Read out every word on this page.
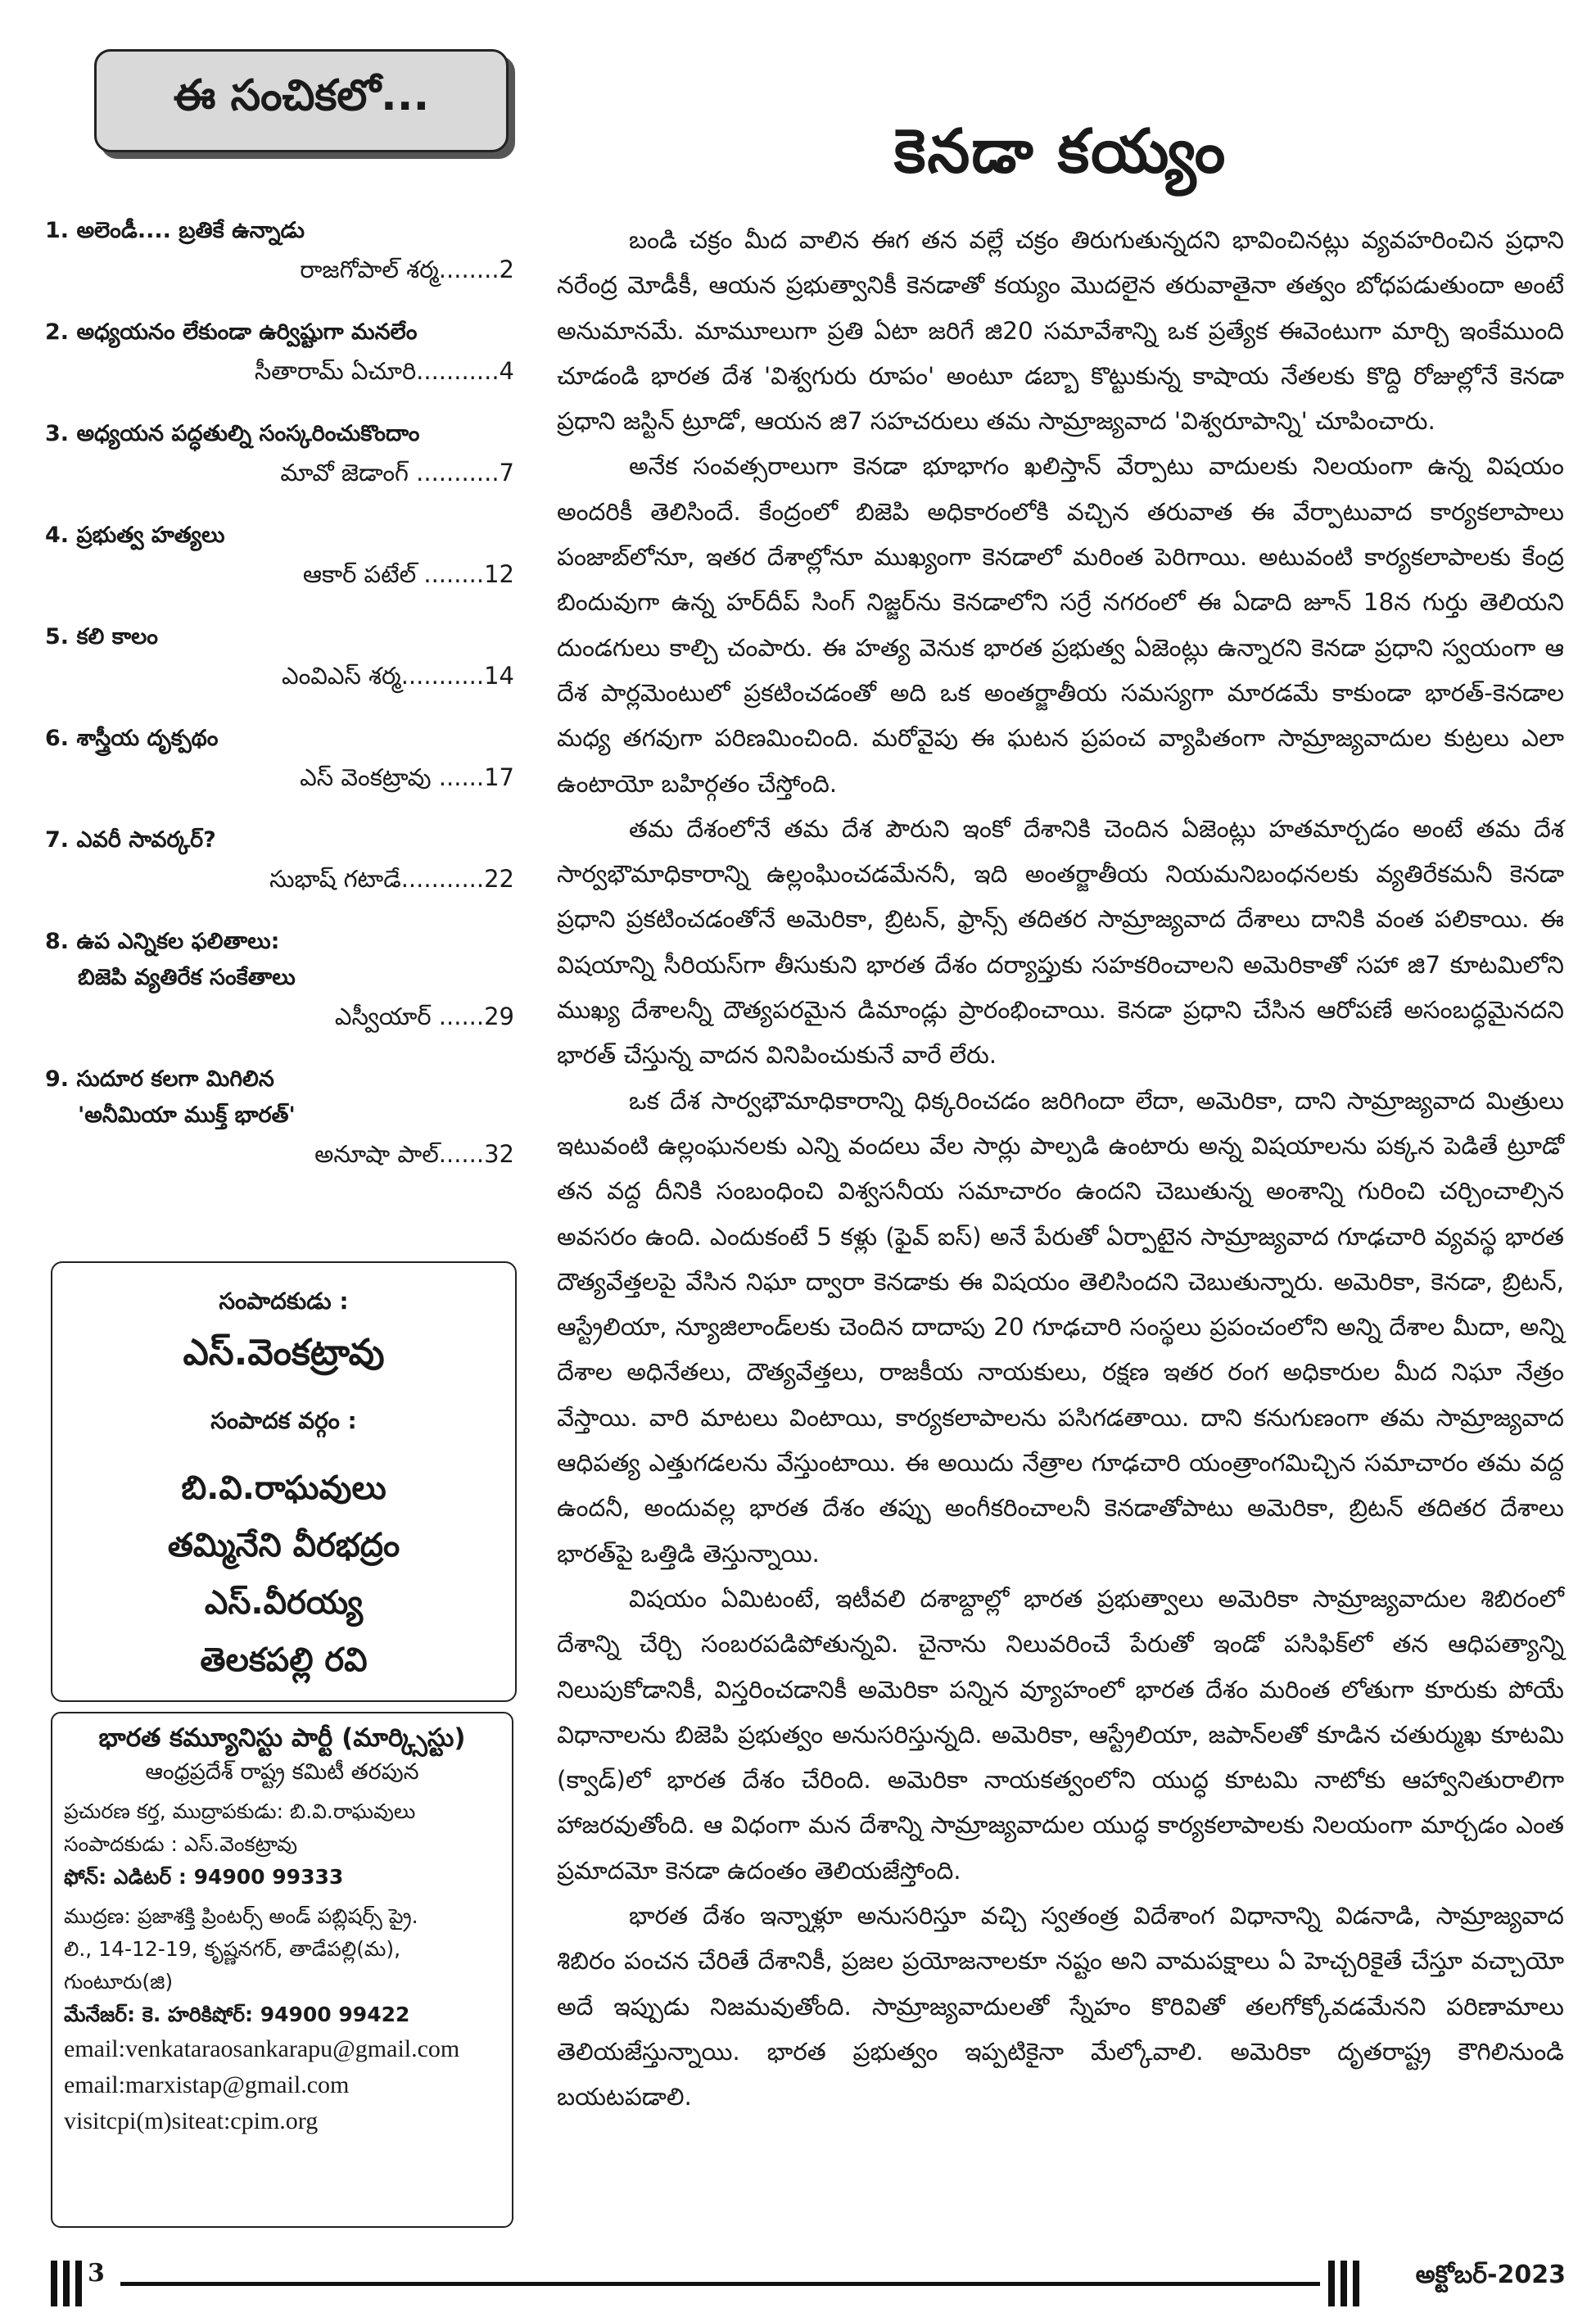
ఈ సంచికలో...
1. అలెండీ.... బ్రతికే ఉన్నాడు
రాజగోపాల్ శర్మ........2
2. అధ్యయనం లేకుండా ఉర్విష్టుగా మనలేం
సీతారామ్ ఏచూరి...........4
3. అధ్యయన పద్ధతుల్ని సంస్కరించుకొందాం
మావో జెడాంగ్ ...........7
4. ప్రభుత్వ హత్యలు
ఆకార్ పటేల్ ........12
5. కలి కాలం
ఎంవిఎస్ శర్మ...........14
6. శాస్త్రీయ దృక్పథం
ఎస్ వెంకట్రావు ......17
7. ఎవరీ సావర్కర్?
సుభాష్ గటాడే...........22
8. ఉప ఎన్నికల ఫలితాలు:
బిజెపి వ్యతిరేక సంకేతాలు
ఎస్వీయార్ ......29
9. సుదూర కలగా మిగిలిన
'అనీమియా ముక్త్ భారత్'
అనూషా పాల్......32
సంపాదకుడు :
ఎస్.వెంకట్రావు
సంపాదక వర్గం :
బి.వి.రాఘవులు
తమ్మినేని వీరభద్రం
ఎస్.వీరయ్య
తెలకపల్లి రవి
భారత కమ్యూనిస్టు పార్టీ (మార్క్సిస్టు)
ఆంధ్రప్రదేశ్ రాష్ట్ర కమిటీ తరపున
ప్రచురణ కర్త, ముద్రాపకుడు: బి.వి.రాఘవులు
సంపాదకుడు : ఎస్.వెంకట్రావు
ఫోన్: ఎడిటర్ : 94900 99333
ముద్రణ: ప్రజాశక్తి ప్రింటర్స్ అండ్ పబ్లిషర్స్ ప్రై.
లి., 14-12-19, కృష్ణనగర్, తాడేపల్లి(మ),
గుంటూరు(జి)
మేనేజర్: కె. హరికిషోర్: 94900 99422
email:venkataraosankarapu@gmail.com
email:marxistap@gmail.com
visitcpi(m)siteat:cpim.org
కెనడా కయ్యం

బండి చక్రం మీద వాలిన ఈగ తన వల్లే చక్రం తిరుగుతున్నదని భావించినట్లు వ్యవహరించిన ప్రధాని నరేంద్ర మోడీకీ, ఆయన ప్రభుత్వానికీ కెనడాతో కయ్యం మొదలైన తరువాతైనా తత్వం బోధపడుతుందా అంటే అనుమానమే. మామూలుగా ప్రతి ఏటా జరిగే జి20 సమావేశాన్ని ఒక ప్రత్యేక ఈవెంటుగా మార్చి ఇంకేముంది చూడండి భారత దేశ 'విశ్వగురు రూపం' అంటూ డబ్బా కొట్టుకున్న కాషాయ నేతలకు కొద్ది రోజుల్లోనే కెనడా ప్రధాని జస్టిన్ ట్రూడో, ఆయన జి7 సహచరులు తమ సామ్రాజ్యవాద 'విశ్వరూపాన్ని' చూపించారు.

అనేక సంవత్సరాలుగా కెనడా భూభాగం ఖలిస్తాన్ వేర్పాటు వాదులకు నిలయంగా ఉన్న విషయం అందరికీ తెలిసిందే. కేంద్రంలో బిజెపి అధికారంలోకి వచ్చిన తరువాత ఈ వేర్పాటువాద కార్యకలాపాలు పంజాబ్‌లోనూ, ఇతర దేశాల్లోనూ ముఖ్యంగా కెనడాలో మరింత పెరిగాయి. అటువంటి కార్యకలాపాలకు కేంద్ర బిందువుగా ఉన్న హర్‌దీప్ సింగ్ నిజ్జర్‌ను కెనడాలోని సర్రే నగరంలో ఈ ఏడాది జూన్ 18న గుర్తు తెలియని దుండగులు కాల్చి చంపారు. ఈ హత్య వెనుక భారత ప్రభుత్వ ఏజెంట్లు ఉన్నారని కెనడా ప్రధాని స్వయంగా ఆ దేశ పార్లమెంటులో ప్రకటించడంతో అది ఒక అంతర్జాతీయ సమస్యగా మారడమే కాకుండా భారత్-కెనడాల మధ్య తగవుగా పరిణమించింది. మరోవైపు ఈ ఘటన ప్రపంచ వ్యాపితంగా సామ్రాజ్యవాదుల కుట్రలు ఎలా ఉంటాయో బహిర్గతం చేస్తోంది.

తమ దేశంలోనే తమ దేశ పౌరుని ఇంకో దేశానికి చెందిన ఏజెంట్లు హతమార్చడం అంటే తమ దేశ సార్వభౌమాధికారాన్ని ఉల్లంఘించడమేననీ, ఇది అంతర్జాతీయ నియమనిబంధనలకు వ్యతిరేకమనీ కెనడా ప్రధాని ప్రకటించడంతోనే అమెరికా, బ్రిటన్, ఫ్రాన్స్ తదితర సామ్రాజ్యవాద దేశాలు దానికి వంత పలికాయి. ఈ విషయాన్ని సీరియస్‌గా తీసుకుని భారత దేశం దర్యాప్తుకు సహకరించాలని అమెరికాతో సహా జి7 కూటమిలోని ముఖ్య దేశాలన్నీ దౌత్యపరమైన డిమాండ్లు ప్రారంభించాయి. కెనడా ప్రధాని చేసిన ఆరోపణే అసంబద్ధమైనదని భారత్ చేస్తున్న వాదన వినిపించుకునే వారే లేరు.

ఒక దేశ సార్వభౌమాధికారాన్ని ధిక్కరించడం జరిగిందా లేదా, అమెరికా, దాని సామ్రాజ్యవాద మిత్రులు ఇటువంటి ఉల్లంఘనలకు ఎన్ని వందలు వేల సార్లు పాల్పడి ఉంటారు అన్న విషయాలను పక్కన పెడితే ట్రూడో తన వద్ద దీనికి సంబంధించి విశ్వసనీయ సమాచారం ఉందని చెబుతున్న అంశాన్ని గురించి చర్చించాల్సిన అవసరం ఉంది. ఎందుకంటే 5 కళ్లు (ఫైవ్ ఐస్) అనే పేరుతో ఏర్పాటైన సామ్రాజ్యవాద గూఢచారి వ్యవస్థ భారత దౌత్యవేత్తలపై వేసిన నిఘా ద్వారా కెనడాకు ఈ విషయం తెలిసిందని చెబుతున్నారు. అమెరికా, కెనడా, బ్రిటన్, ఆస్ట్రేలియా, న్యూజిలాండ్‌లకు చెందిన దాదాపు 20 గూఢచారి సంస్థలు ప్రపంచంలోని అన్ని దేశాల మీదా, అన్ని దేశాల అధినేతలు, దౌత్యవేత్తలు, రాజకీయ నాయకులు, రక్షణ ఇతర రంగ అధికారుల మీద నిఘా నేత్రం వేస్తాయి. వారి మాటలు వింటాయి, కార్యకలాపాలను పసిగడతాయి. దాని కనుగుణంగా తమ సామ్రాజ్యవాద ఆధిపత్య ఎత్తుగడలను వేస్తుంటాయి. ఈ అయిదు నేత్రాల గూఢచారి యంత్రాంగమిచ్చిన సమాచారం తమ వద్ద ఉందనీ, అందువల్ల భారత దేశం తప్పు అంగీకరించాలనీ కెనడాతోపాటు అమెరికా, బ్రిటన్ తదితర దేశాలు భారత్‌పై ఒత్తిడి తెస్తున్నాయి.

విషయం ఏమిటంటే, ఇటీవలి దశాబ్దాల్లో భారత ప్రభుత్వాలు అమెరికా సామ్రాజ్యవాదుల శిబిరంలో దేశాన్ని చేర్చి సంబరపడిపోతున్నవి. చైనాను నిలువరించే పేరుతో ఇండో పసిఫిక్‌లో తన ఆధిపత్యాన్ని నిలుపుకోడానికీ, విస్తరించడానికీ అమెరికా పన్నిన వ్యూహంలో భారత దేశం మరింత లోతుగా కూరుకు పోయే విధానాలను బిజెపి ప్రభుత్వం అనుసరిస్తున్నది. అమెరికా, ఆస్ట్రేలియా, జపాన్‌లతో కూడిన చతుర్ముఖ కూటమి (క్వాడ్)లో భారత దేశం చేరింది. అమెరికా నాయకత్వంలోని యుద్ధ కూటమి నాటోకు ఆహ్వానితురాలిగా హాజరవుతోంది. ఆ విధంగా మన దేశాన్ని సామ్రాజ్యవాదుల యుద్ధ కార్యకలాపాలకు నిలయంగా మార్చడం ఎంత ప్రమాదమో కెనడా ఉదంతం తెలియజేస్తోంది.

భారత దేశం ఇన్నాళ్లూ అనుసరిస్తూ వచ్చి స్వతంత్ర విదేశాంగ విధానాన్ని విడనాడి, సామ్రాజ్యవాద శిబిరం పంచన చేరితే దేశానికీ, ప్రజల ప్రయోజనాలకూ నష్టం అని వామపక్షాలు ఏ హెచ్చరికైతే చేస్తూ వచ్చాయో అదే ఇప్పుడు నిజమవుతోంది. సామ్రాజ్యవాదులతో స్నేహం కొరివితో తలగోక్కోవడమేనని పరిణామాలు తెలియజేస్తున్నాయి. భారత ప్రభుత్వం ఇప్పటికైనా మేల్కోవాలి. అమెరికా దృతరాష్ట్ర కౌగిలినుండి బయటపడాలి.

3	అక్టోబర్-2023
